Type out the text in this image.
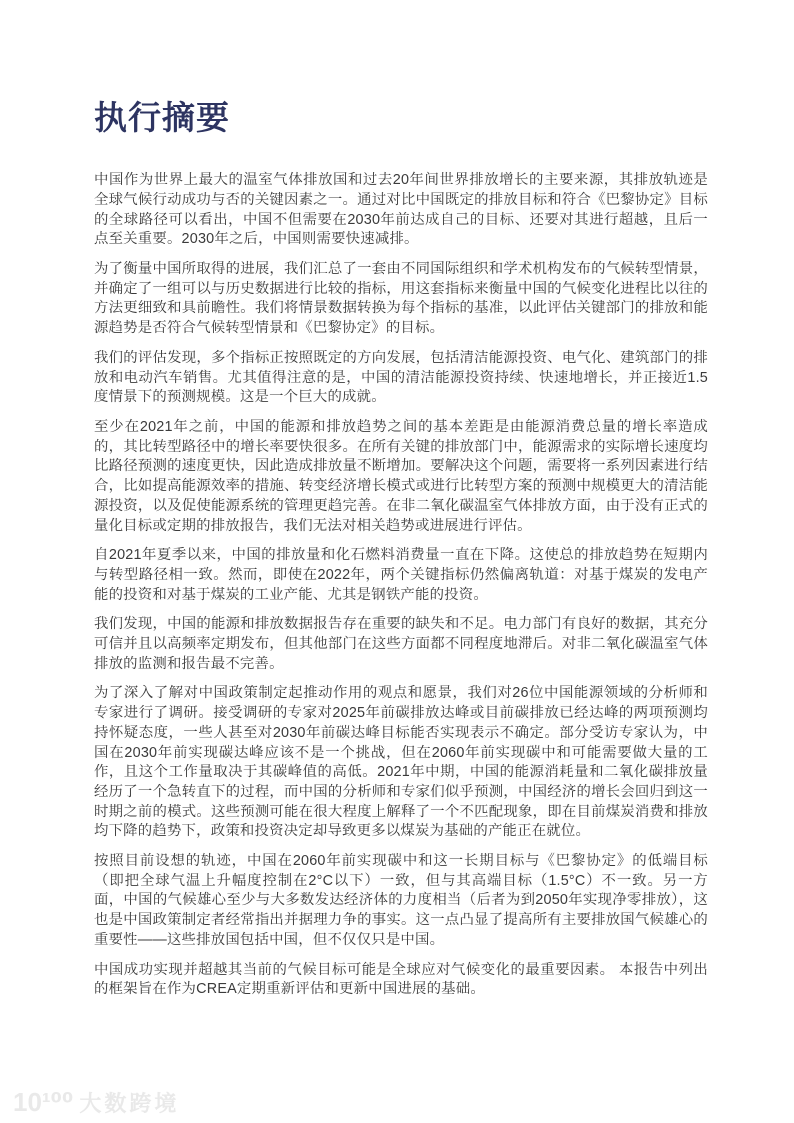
执行摘要

中国作为世界上最大的温室气体排放国和过去20年间世界排放增长的主要来源，其排放轨迹是全球气候行动成功与否的关键因素之一。通过对比中国既定的排放目标和符合《巴黎协定》目标的全球路径可以看出，中国不但需要在2030年前达成自己的目标、还要对其进行超越，且后一点至关重要。2030年之后，中国则需要快速减排。

为了衡量中国所取得的进展，我们汇总了一套由不同国际组织和学术机构发布的气候转型情景，并确定了一组可以与历史数据进行比较的指标，用这套指标来衡量中国的气候变化进程比以往的方法更细致和具前瞻性。我们将情景数据转换为每个指标的基准，以此评估关键部门的排放和能源趋势是否符合气候转型情景和《巴黎协定》的目标。

我们的评估发现，多个指标正按照既定的方向发展，包括清洁能源投资、电气化、建筑部门的排放和电动汽车销售。尤其值得注意的是，中国的清洁能源投资持续、快速地增长，并正接近1.5度情景下的预测规模。这是一个巨大的成就。

至少在2021年之前，中国的能源和排放趋势之间的基本差距是由能源消费总量的增长率造成的，其比转型路径中的增长率要快很多。在所有关键的排放部门中，能源需求的实际增长速度均比路径预测的速度更快，因此造成排放量不断增加。要解决这个问题，需要将一系列因素进行结合，比如提高能源效率的措施、转变经济增长模式或进行比转型方案的预测中规模更大的清洁能源投资，以及促使能源系统的管理更趋完善。在非二氧化碳温室气体排放方面，由于没有正式的量化目标或定期的排放报告，我们无法对相关趋势或进展进行评估。

自2021年夏季以来，中国的排放量和化石燃料消费量一直在下降。这使总的排放趋势在短期内与转型路径相一致。然而，即使在2022年，两个关键指标仍然偏离轨道：对基于煤炭的发电产能的投资和对基于煤炭的工业产能、尤其是钢铁产能的投资。

我们发现，中国的能源和排放数据报告存在重要的缺失和不足。电力部门有良好的数据，其充分可信并且以高频率定期发布，但其他部门在这些方面都不同程度地滞后。对非二氧化碳温室气体排放的监测和报告最不完善。

为了深入了解对中国政策制定起推动作用的观点和愿景，我们对26位中国能源领域的分析师和专家进行了调研。接受调研的专家对2025年前碳排放达峰或目前碳排放已经达峰的两项预测均持怀疑态度，一些人甚至对2030年前碳达峰目标能否实现表示不确定。部分受访专家认为，中国在2030年前实现碳达峰应该不是一个挑战，但在2060年前实现碳中和可能需要做大量的工作，且这个工作量取决于其碳峰值的高低。2021年中期，中国的能源消耗量和二氧化碳排放量经历了一个急转直下的过程，而中国的分析师和专家们似乎预测，中国经济的增长会回归到这一时期之前的模式。这些预测可能在很大程度上解释了一个不匹配现象，即在目前煤炭消费和排放均下降的趋势下，政策和投资决定却导致更多以煤炭为基础的产能正在就位。

按照目前设想的轨迹，中国在2060年前实现碳中和这一长期目标与《巴黎协定》的低端目标（即把全球气温上升幅度控制在2°C以下）一致，但与其高端目标（1.5°C）不一致。另一方面，中国的气候雄心至少与大多数发达经济体的力度相当（后者为到2050年实现净零排放），这也是中国政策制定者经常指出并据理力争的事实。这一点凸显了提高所有主要排放国气候雄心的重要性——这些排放国包括中国，但不仅仅只是中国。

中国成功实现并超越其当前的气候目标可能是全球应对气候变化的最重要因素。 本报告中列出的框架旨在作为CREA定期重新评估和更新中国进展的基础。

10¹⁰⁰ 大数跨境
